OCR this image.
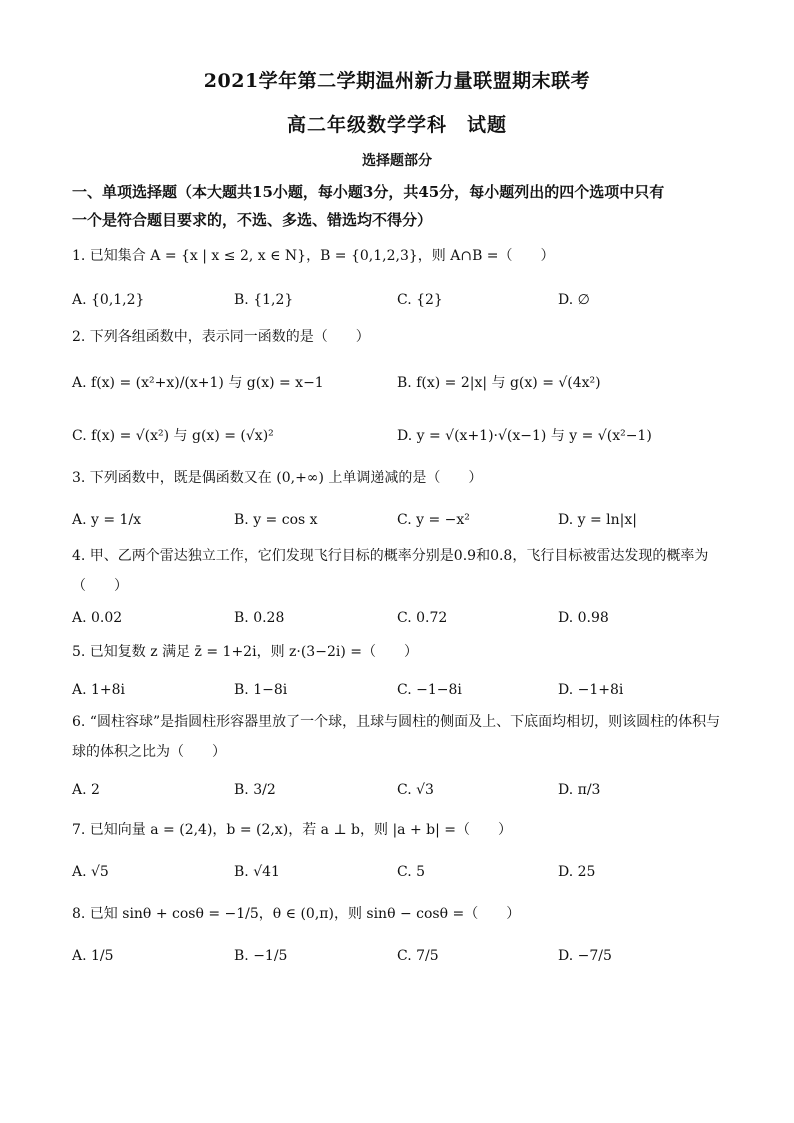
2021学年第二学期温州新力量联盟期末联考
高二年级数学学科　试题
选择题部分
一、单项选择题（本大题共15小题，每小题3分，共45分，每小题列出的四个选项中只有
一个是符合题目要求的，不选、多选、错选均不得分）
1. 已知集合 A = {x | x ≤ 2, x ∈ N}，B = {0,1,2,3}，则 A∩B =（　　）
A. {0,1,2}	B. {1,2}	C. {2}	D. ∅
2. 下列各组函数中，表示同一函数的是（　　）
A. f(x) = (x²+x)/(x+1) 与 g(x) = x−1	B. f(x) = 2|x| 与 g(x) = √(4x²)
C. f(x) = √(x²) 与 g(x) = (√x)²	D. y = √(x+1)·√(x−1) 与 y = √(x²−1)
3. 下列函数中，既是偶函数又在 (0,+∞) 上单调递减的是（　　）
A. y = 1/x	B. y = cos x	C. y = −x²	D. y = ln|x|
4. 甲、乙两个雷达独立工作，它们发现飞行目标的概率分别是0.9和0.8，飞行目标被雷达发现的概率为
（　　）
A. 0.02	B. 0.28	C. 0.72	D. 0.98
5. 已知复数 z 满足 z̄ = 1+2i，则 z·(3−2i) =（　　）
A. 1+8i	B. 1−8i	C. −1−8i	D. −1+8i
6. “圆柱容球”是指圆柱形容器里放了一个球，且球与圆柱的侧面及上、下底面均相切，则该圆柱的体积与
球的体积之比为（　　）
A. 2	B. 3/2	C. √3	D. π/3
7. 已知向量 a = (2,4)，b = (2,x)，若 a ⊥ b，则 |a + b| =（　　）
A. √5	B. √41	C. 5	D. 25
8. 已知 sinθ + cosθ = −1/5，θ ∈ (0,π)，则 sinθ − cosθ =（　　）
A. 1/5	B. −1/5	C. 7/5	D. −7/5
